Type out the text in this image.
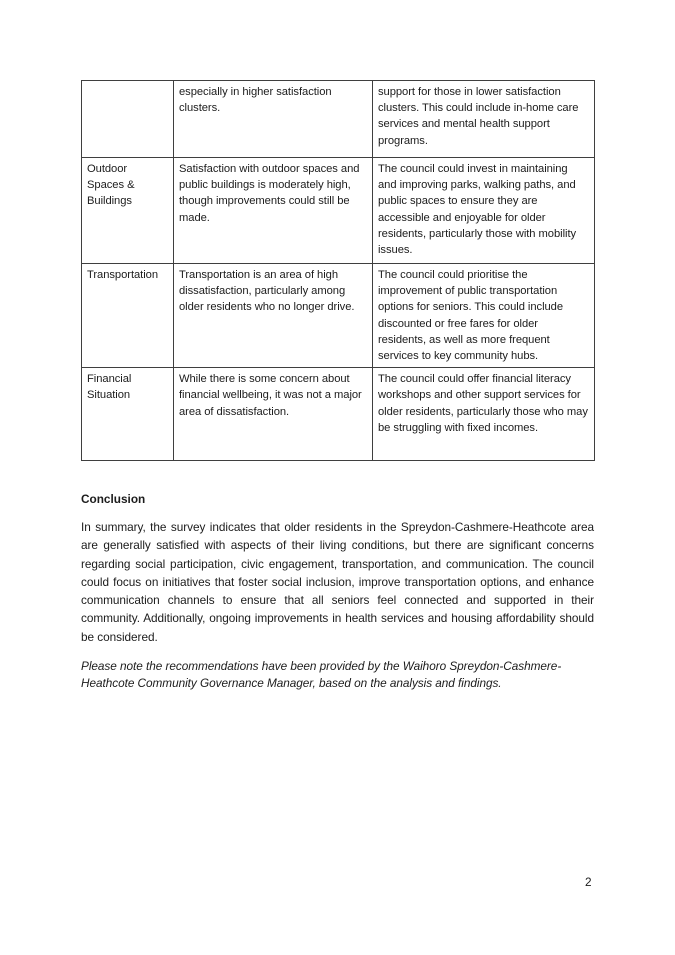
	especially in higher satisfaction clusters.	support for those in lower satisfaction clusters. This could include in-home care services and mental health support programs.
Outdoor Spaces & Buildings	Satisfaction with outdoor spaces and public buildings is moderately high, though improvements could still be made.	The council could invest in maintaining and improving parks, walking paths, and public spaces to ensure they are accessible and enjoyable for older residents, particularly those with mobility issues.
Transportation	Transportation is an area of high dissatisfaction, particularly among older residents who no longer drive.	The council could prioritise the improvement of public transportation options for seniors. This could include discounted or free fares for older residents, as well as more frequent services to key community hubs.
Financial Situation	While there is some concern about financial wellbeing, it was not a major area of dissatisfaction.	The council could offer financial literacy workshops and other support services for older residents, particularly those who may be struggling with fixed incomes.
Conclusion

In summary, the survey indicates that older residents in the Spreydon-Cashmere-Heathcote area are generally satisfied with aspects of their living conditions, but there are significant concerns regarding social participation, civic engagement, transportation, and communication. The council could focus on initiatives that foster social inclusion, improve transportation options, and enhance communication channels to ensure that all seniors feel connected and supported in their community. Additionally, ongoing improvements in health services and housing affordability should be considered.

Please note the recommendations have been provided by the Waihoro Spreydon-Cashmere-Heathcote Community Governance Manager, based on the analysis and findings.

2
